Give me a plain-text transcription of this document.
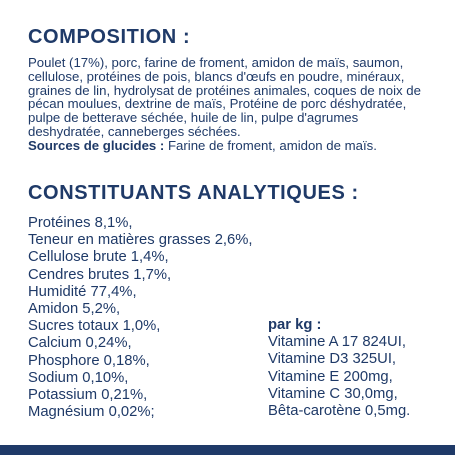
COMPOSITION :

Poulet (17%), porc, farine de froment, amidon de maïs, saumon, cellulose, protéines de pois, blancs d'œufs en poudre, minéraux, graines de lin, hydrolysat de protéines animales, coques de noix de pécan moulues, dextrine de maïs, Protéine de porc déshydratée, pulpe de betterave séchée, huile de lin, pulpe d'agrumes deshydratée, canneberges séchées.

Sources de glucides : Farine de froment, amidon de maïs.

CONSTITUANTS ANALYTIQUES :
Protéines 8,1%,
Teneur en matières grasses 2,6%,
Cellulose brute 1,4%,
Cendres brutes 1,7%,
Humidité 77,4%,
Amidon 5,2%,
Sucres totaux 1,0%,
Calcium 0,24%,
Phosphore 0,18%,
Sodium 0,10%,
Potassium 0,21%,
Magnésium 0,02%;
par kg :
Vitamine A 17 824UI,
Vitamine D3 325UI,
Vitamine E 200mg,
Vitamine C 30,0mg,
Bêta-carotène 0,5mg.
